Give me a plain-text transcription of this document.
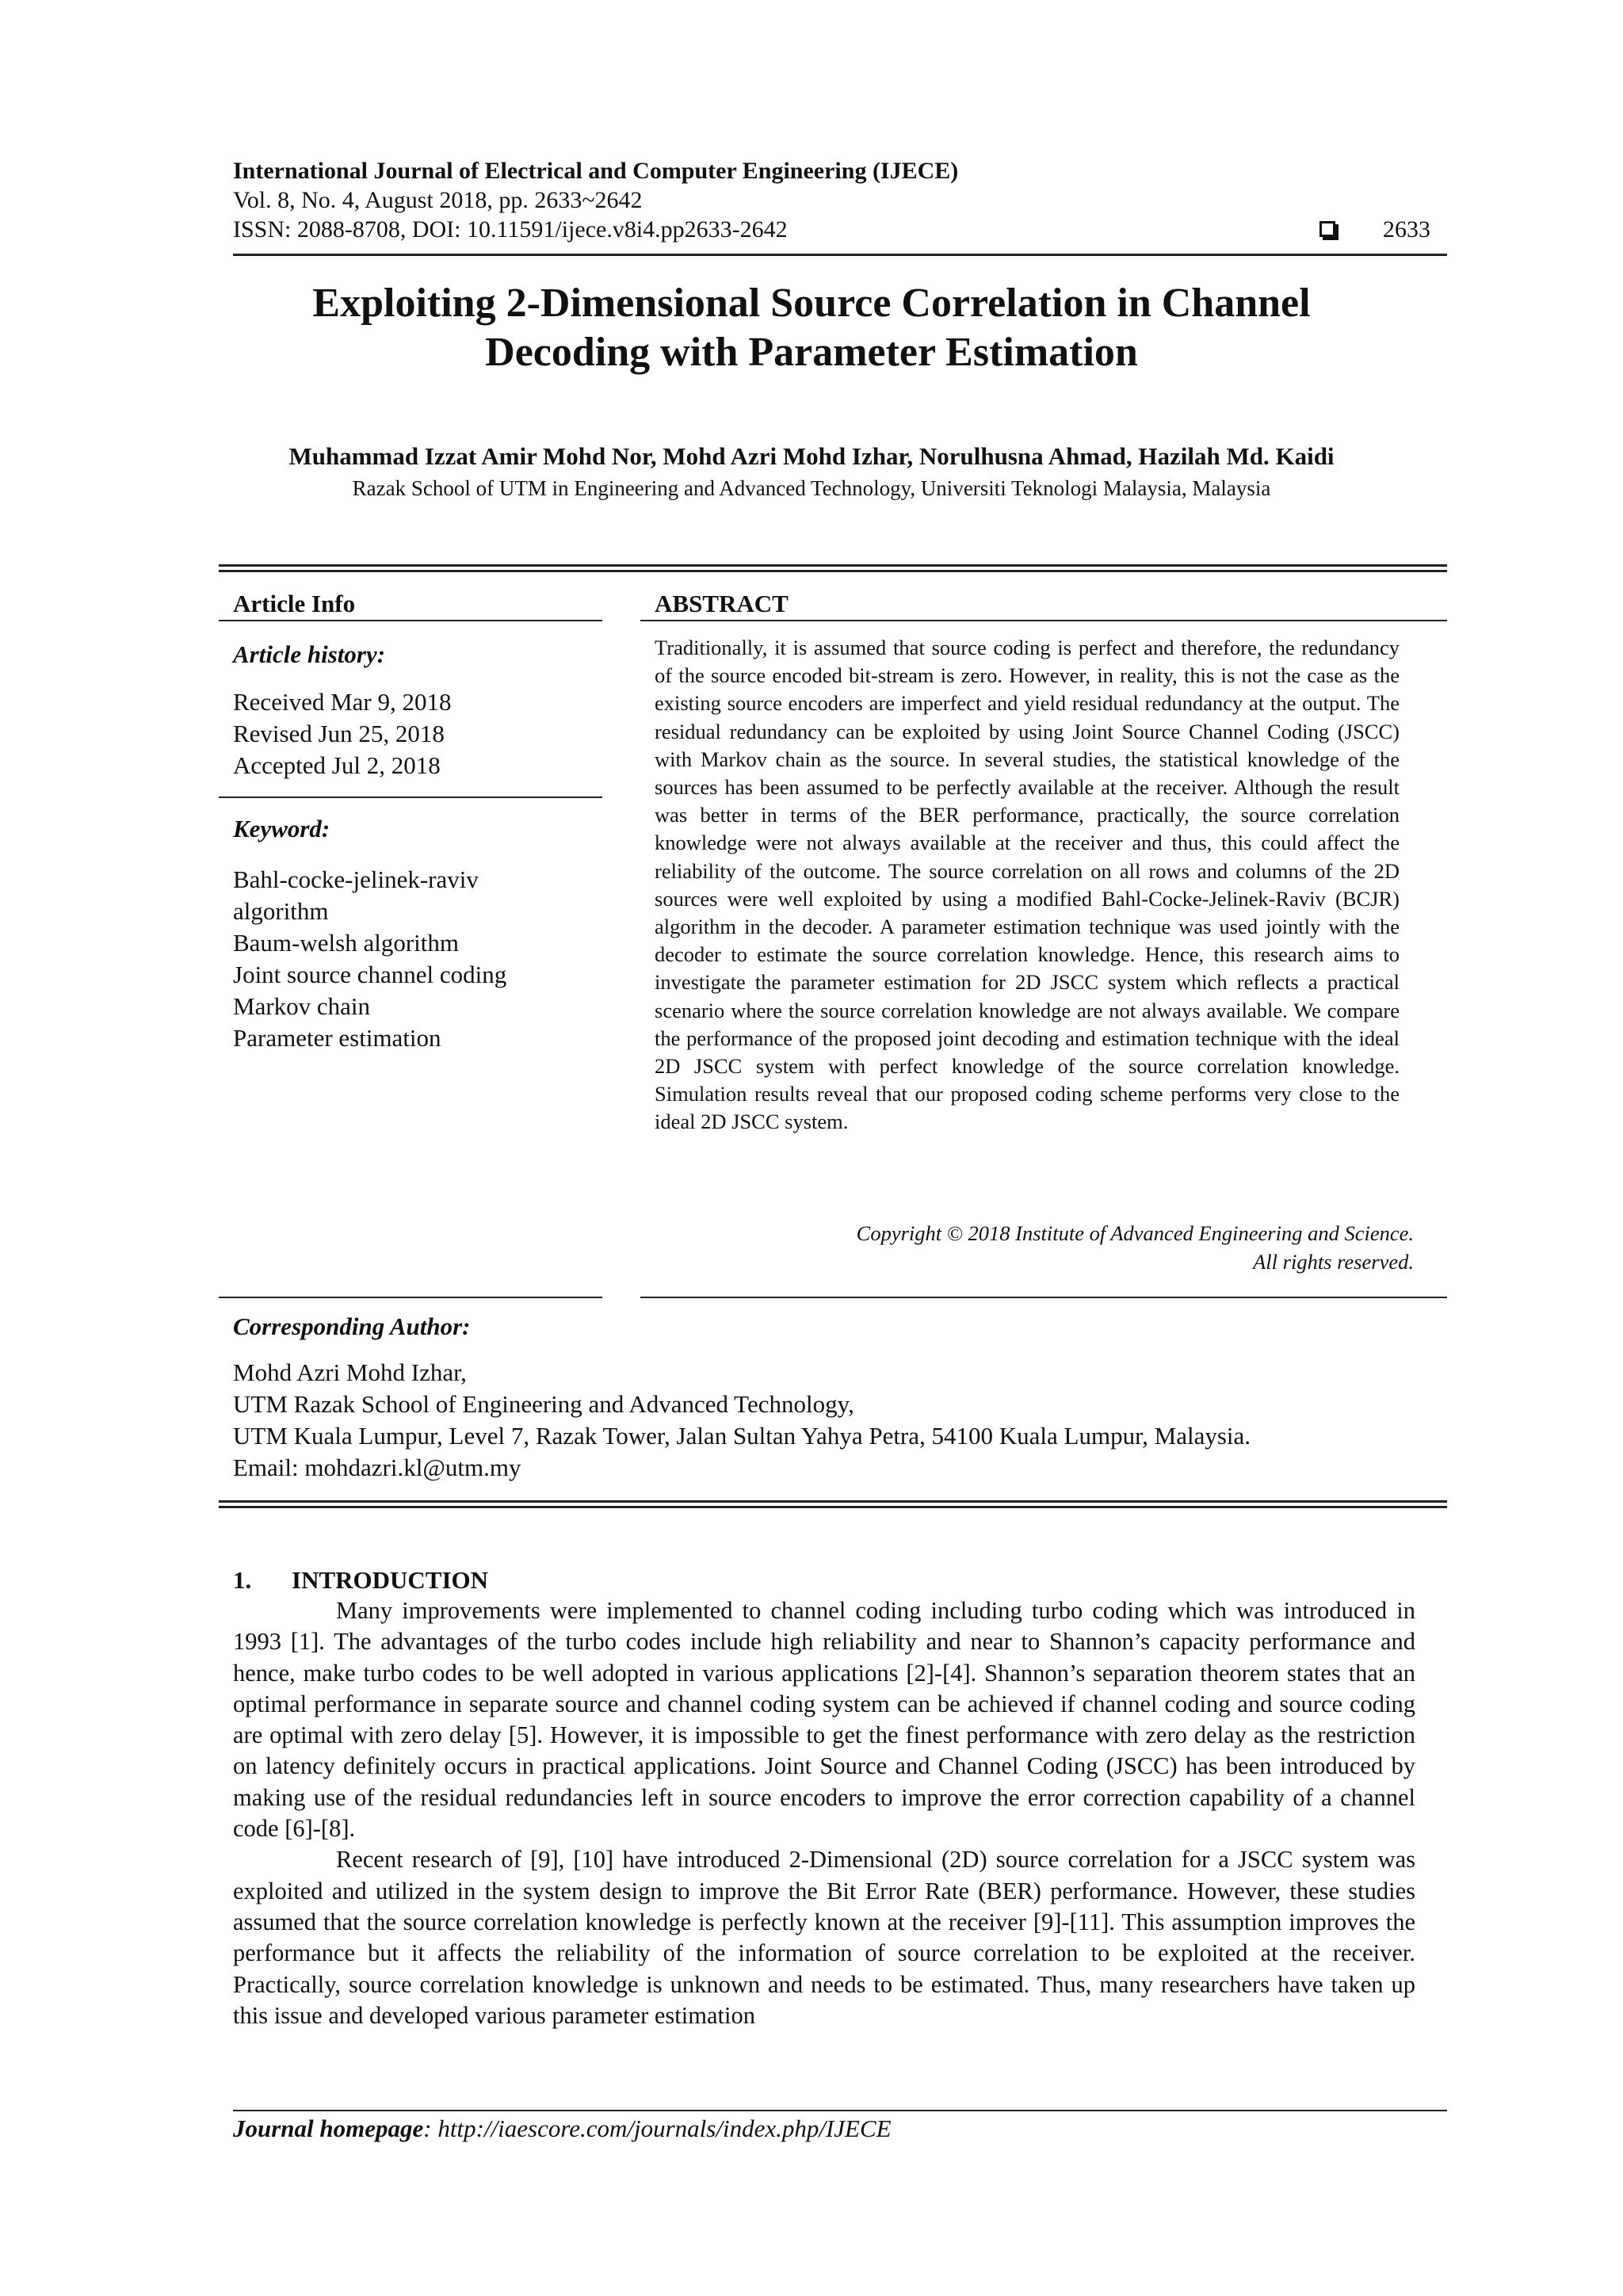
International Journal of Electrical and Computer Engineering (IJECE)
Vol. 8, No. 4, August 2018, pp. 2633~2642
ISSN: 2088-8708, DOI: 10.11591/ijece.v8i4.pp2633-2642	2633
Exploiting 2-Dimensional Source Correlation in Channel
Decoding with Parameter Estimation
Muhammad Izzat Amir Mohd Nor, Mohd Azri Mohd Izhar, Norulhusna Ahmad, Hazilah Md. Kaidi
Razak School of UTM in Engineering and Advanced Technology, Universiti Teknologi Malaysia, Malaysia
Article Info
Article history:
Received Mar 9, 2018
Revised Jun 25, 2018
Accepted Jul 2, 2018
Keyword:
Bahl-cocke-jelinek-raviv
algorithm
Baum-welsh algorithm
Joint source channel coding
Markov chain
Parameter estimation
ABSTRACT
Traditionally, it is assumed that source coding is perfect and therefore, the redundancy of the source encoded bit-stream is zero. However, in reality, this is not the case as the existing source encoders are imperfect and yield residual redundancy at the output. The residual redundancy can be exploited by using Joint Source Channel Coding (JSCC) with Markov chain as the source. In several studies, the statistical knowledge of the sources has been assumed to be perfectly available at the receiver. Although the result was better in terms of the BER performance, practically, the source correlation knowledge were not always available at the receiver and thus, this could affect the reliability of the outcome. The source correlation on all rows and columns of the 2D sources were well exploited by using a modified Bahl-Cocke-Jelinek-Raviv (BCJR) algorithm in the decoder. A parameter estimation technique was used jointly with the decoder to estimate the source correlation knowledge. Hence, this research aims to investigate the parameter estimation for 2D JSCC system which reflects a practical scenario where the source correlation knowledge are not always available. We compare the performance of the proposed joint decoding and estimation technique with the ideal 2D JSCC system with perfect knowledge of the source correlation knowledge. Simulation results reveal that our proposed coding scheme performs very close to the ideal 2D JSCC system.
Copyright © 2018 Institute of Advanced Engineering and Science.
All rights reserved.
Corresponding Author:
Mohd Azri Mohd Izhar,
UTM Razak School of Engineering and Advanced Technology,
UTM Kuala Lumpur, Level 7, Razak Tower, Jalan Sultan Yahya Petra, 54100 Kuala Lumpur, Malaysia.
Email: mohdazri.kl@utm.my
1. INTRODUCTION

Many improvements were implemented to channel coding including turbo coding which was introduced in 1993 [1]. The advantages of the turbo codes include high reliability and near to Shannon’s capacity performance and hence, make turbo codes to be well adopted in various applications [2]-[4]. Shannon’s separation theorem states that an optimal performance in separate source and channel coding system can be achieved if channel coding and source coding are optimal with zero delay [5]. However, it is impossible to get the finest performance with zero delay as the restriction on latency definitely occurs in practical applications. Joint Source and Channel Coding (JSCC) has been introduced by making use of the residual redundancies left in source encoders to improve the error correction capability of a channel code [6]-[8].

Recent research of [9], [10] have introduced 2-Dimensional (2D) source correlation for a JSCC system was exploited and utilized in the system design to improve the Bit Error Rate (BER) performance. However, these studies assumed that the source correlation knowledge is perfectly known at the receiver [9]-[11]. This assumption improves the performance but it affects the reliability of the information of source correlation to be exploited at the receiver. Practically, source correlation knowledge is unknown and needs to be estimated. Thus, many researchers have taken up this issue and developed various parameter estimation

Journal homepage: http://iaescore.com/journals/index.php/IJECE
